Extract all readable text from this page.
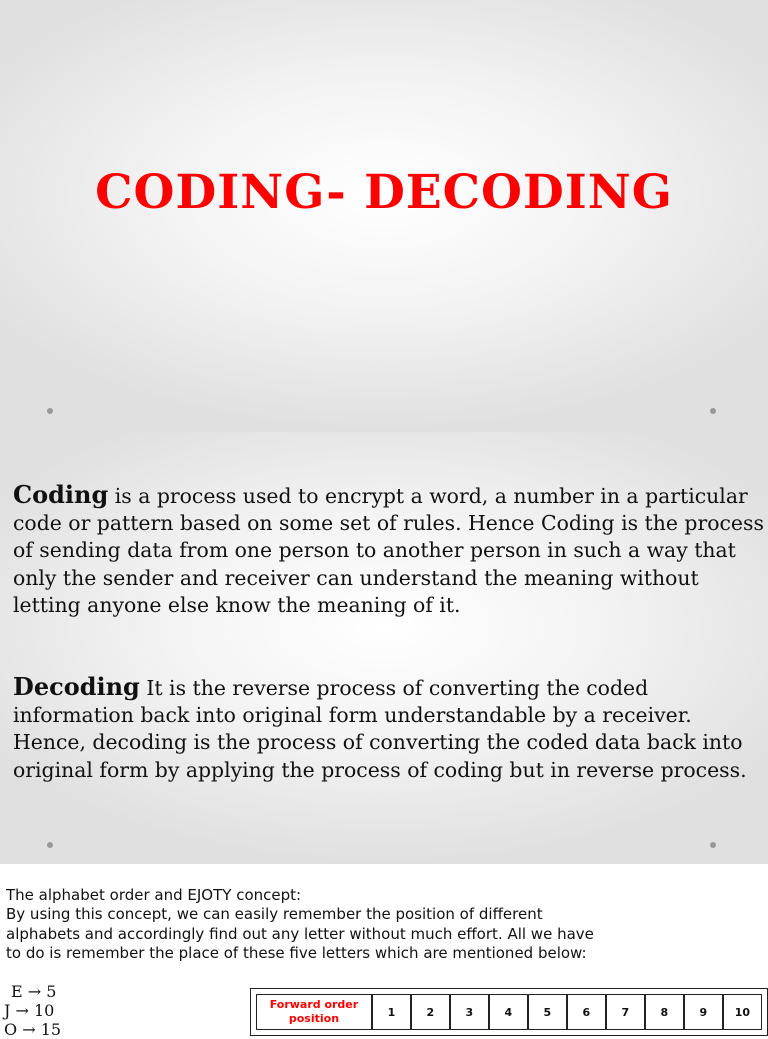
CODING- DECODING

Coding is a process used to encrypt a word, a number in a particular code or pattern based on some set of rules. Hence Coding is the process of sending data from one person to another person in such a way that only the sender and receiver can understand the meaning without letting anyone else know the meaning of it.

Decoding It is the reverse process of converting the coded information back into original form understandable by a receiver. Hence, decoding is the process of converting the coded data back into original form by applying the process of coding but in reverse process.

The alphabet order and EJOTY concept:
By using this concept, we can easily remember the position of different alphabets and accordingly find out any letter without much effort. All we have to do is remember the place of these five letters which are mentioned below:

E → 5

J → 10

O → 15

Forward order position	1	2	3	4	5	6	7	8	9	10
